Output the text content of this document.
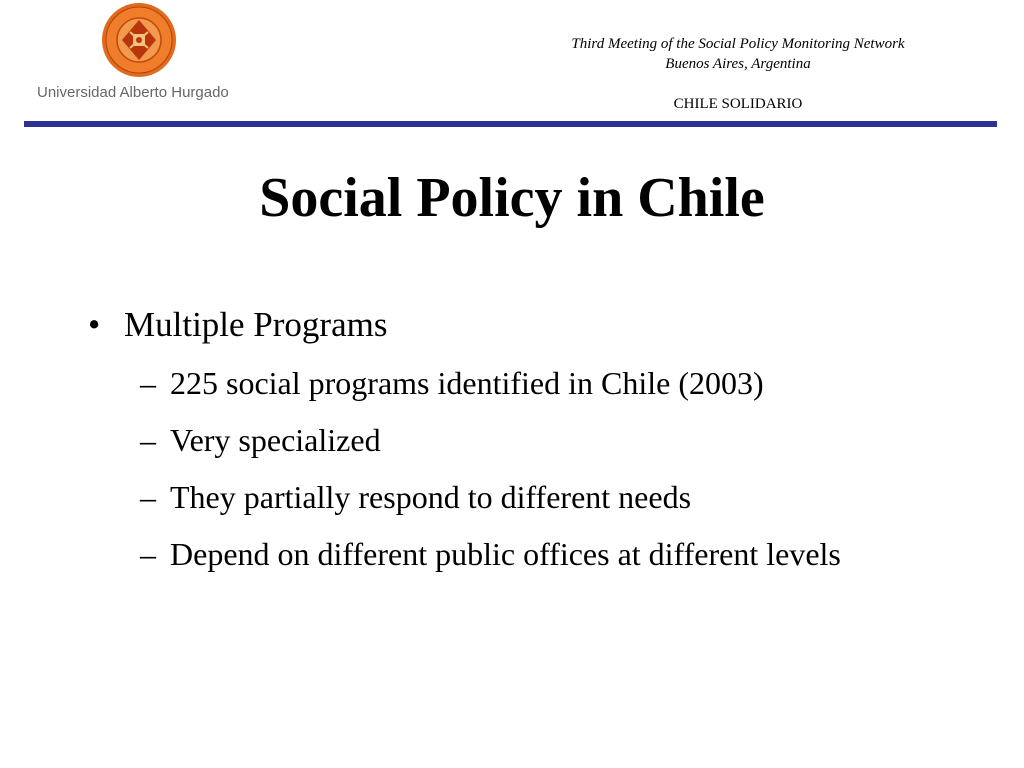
Universidad Alberto Hurgado
Third Meeting of the Social Policy Monitoring Network
Buenos Aires, Argentina
CHILE SOLIDARIO
Social Policy in Chile
• Multiple Programs
– 225 social programs identified in Chile (2003)
– Very specialized
– They partially respond to different needs
– Depend on different public offices at different levels
